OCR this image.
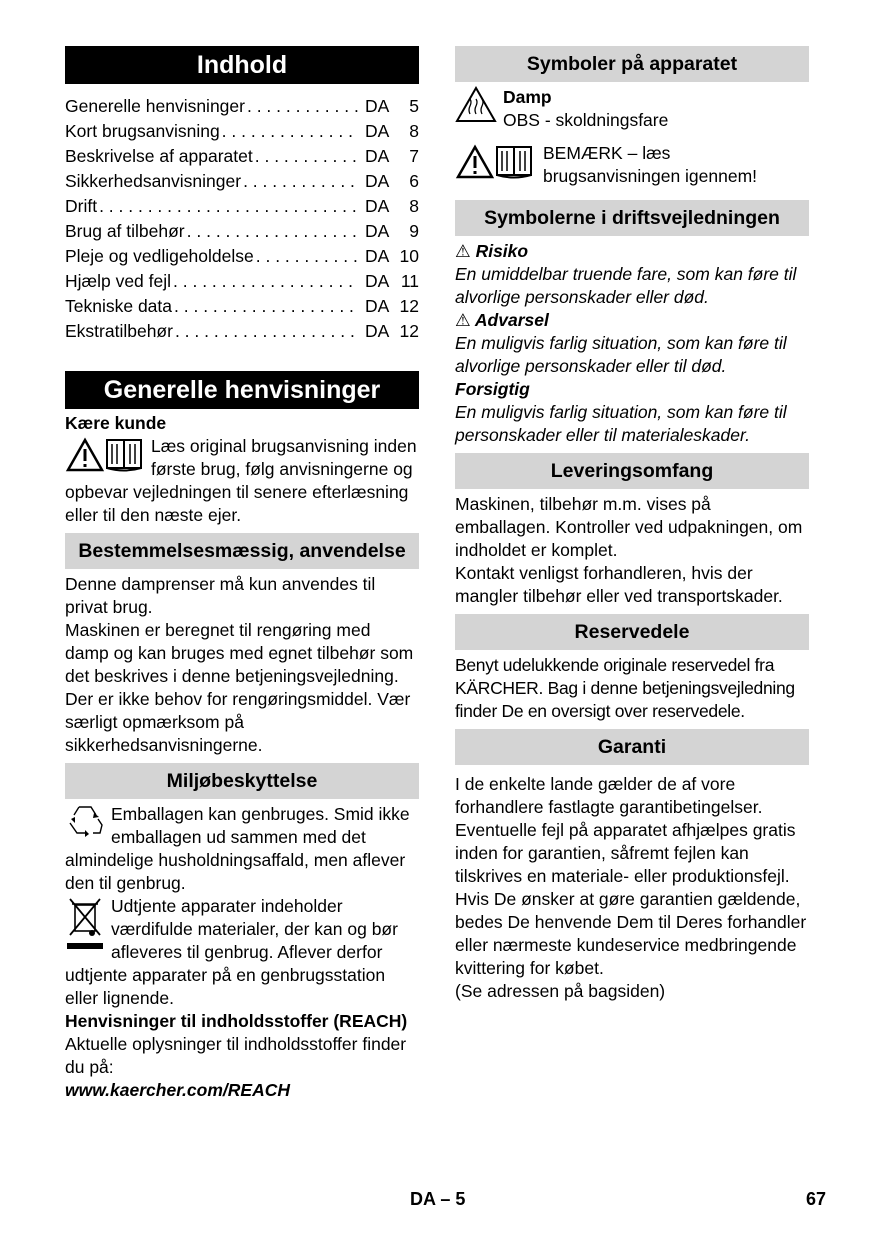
Indhold
Generelle henvisninger . . .	DA	5
Kort brugsanvisning . . .	DA	8
Beskrivelse af apparatet . . .	DA	7
Sikkerhedsanvisninger . . .	DA	6
Drift . . .	DA	8
Brug af tilbehør . . .	DA	9
Pleje og vedligeholdelse . . .	DA 10
Hjælp ved fejl . . .	DA 11
Tekniske data . . .	DA 12
Ekstratilbehør . . .	DA 12
Generelle henvisninger

Kære kunde

Læs original brugsanvisning inden første brug, følg anvisningerne og opbevar vejledningen til senere efterlæsning eller til den næste ejer.

Bestemmelsesmæssig, anvendelse

Denne damprenser må kun anvendes til privat brug.

Maskinen er beregnet til rengøring med damp og kan bruges med egnet tilbehør som det beskrives i denne betjeningsvejledning. Der er ikke behov for rengøringsmiddel. Vær særligt opmærksom på sikkerhedsanvisningerne.

Miljøbeskyttelse

Emballagen kan genbruges. Smid ikke emballagen ud sammen med det almindelige husholdningsaffald, men aflever den til genbrug.

Udtjente apparater indeholder værdifulde materialer, der kan og bør afleveres til genbrug. Aflever derfor udtjente apparater på en genbrugsstation eller lignende.

Henvisninger til indholdsstoffer (REACH)

Aktuelle oplysninger til indholdsstoffer finder du på:

www.kaercher.com/REACH

Symboler på apparatet

Damp

OBS - skoldningsfare

BEMÆRK – læs brugsanvisningen igennem!

Symbolerne i driftsvejledningen

⚠ Risiko

En umiddelbar truende fare, som kan føre til alvorlige personskader eller død.

⚠ Advarsel

En muligvis farlig situation, som kan føre til alvorlige personskader eller til død.

Forsigtig

En muligvis farlig situation, som kan føre til personskader eller til materialeskader.

Leveringsomfang

Maskinen, tilbehør m.m. vises på emballagen. Kontroller ved udpakningen, om indholdet er komplet.

Kontakt venligst forhandleren, hvis der mangler tilbehør eller ved transportskader.

Reservedele

Benyt udelukkende originale reservedel fra KÄRCHER. Bag i denne betjeningsvejledning finder De en oversigt over reservedele.

Garanti

I de enkelte lande gælder de af vore forhandlere fastlagte garantibetingelser. Eventuelle fejl på apparatet afhjælpes gratis inden for garantien, såfremt fejlen kan tilskrives en materiale- eller produktionsfejl. Hvis De ønsker at gøre garantien gældende, bedes De henvende Dem til Deres forhandler eller nærmeste kundeservice medbringende kvittering for købet.

(Se adressen på bagsiden)

DA – 5	67
